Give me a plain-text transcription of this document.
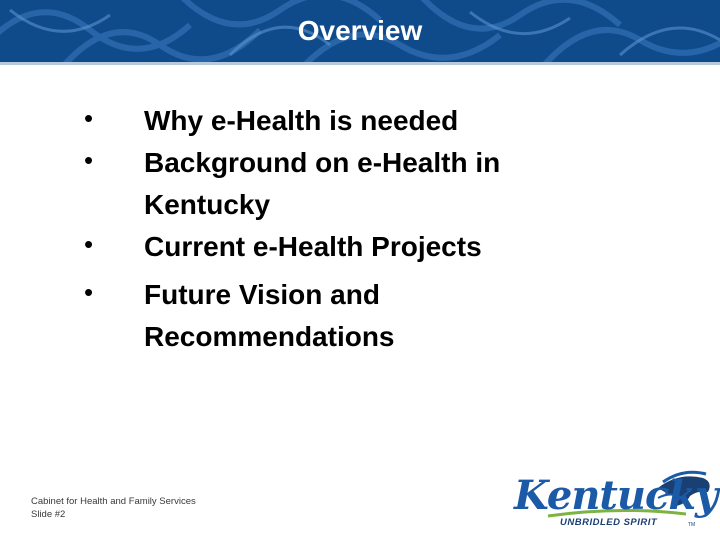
Overview
• Why e-Health is needed
• Background on e-Health in Kentucky
• Current e-Health Projects
• Future Vision and Recommendations
Cabinet for Health and Family Services
Slide #2	Kentucky
UNBRIDLED SPIRIT	TM
